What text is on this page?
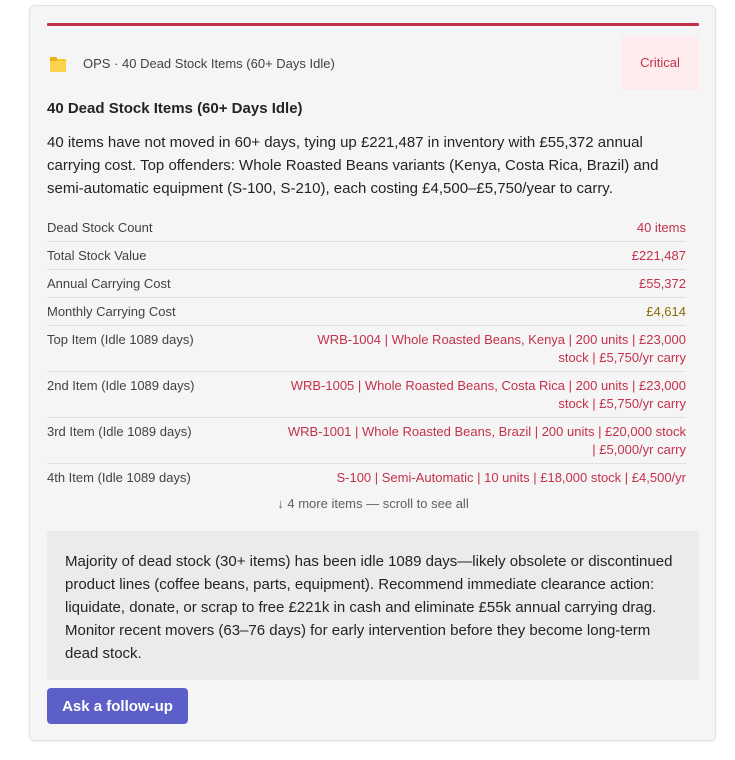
OPS · 40 Dead Stock Items (60+ Days Idle)	Critical
40 Dead Stock Items (60+ Days Idle)
40 items have not moved in 60+ days, tying up £221,487 in inventory with £55,372 annual carrying cost. Top offenders: Whole Roasted Beans variants (Kenya, Costa Rica, Brazil) and semi-automatic equipment (S-100, S-210), each costing £4,500–£5,750/year to carry.
Dead Stock Count	40 items
Total Stock Value	£221,487
Annual Carrying Cost	£55,372
Monthly Carrying Cost	£4,614
Top Item (Idle 1089 days)	WRB-1004 | Whole Roasted Beans, Kenya | 200 units | £23,000 stock | £5,750/yr carry
2nd Item (Idle 1089 days)	WRB-1005 | Whole Roasted Beans, Costa Rica | 200 units | £23,000 stock | £5,750/yr carry
3rd Item (Idle 1089 days)	WRB-1001 | Whole Roasted Beans, Brazil | 200 units | £20,000 stock | £5,000/yr carry
4th Item (Idle 1089 days)	S-100 | Semi-Automatic | 10 units | £18,000 stock | £4,500/yr
↓ 4 more items — scroll to see all
Majority of dead stock (30+ items) has been idle 1089 days—likely obsolete or discontinued product lines (coffee beans, parts, equipment). Recommend immediate clearance action: liquidate, donate, or scrap to free £221k in cash and eliminate £55k annual carrying drag. Monitor recent movers (63–76 days) for early intervention before they become long-term dead stock.
Ask a follow-up
